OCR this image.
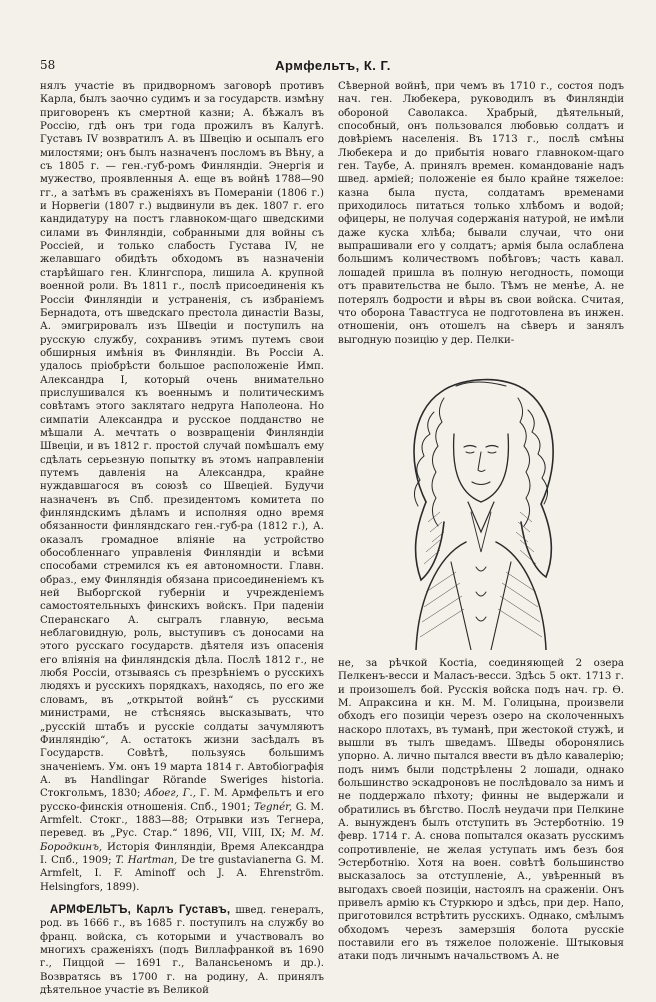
58	Армфельтъ, К. Г.

нялъ участіе въ придворномъ заговорѣ противъ Карла, былъ заочно судимъ и за государств. измѣну приговоренъ къ смертной казни; А. бѣжалъ въ Россію, гдѣ онъ три года прожилъ въ Калугѣ. Густавъ IV возвратилъ А. въ Швецію и осыпалъ его милостями; онъ былъ назначенъ посломъ въ Вѣну, а съ 1805 г. — ген.-губ-ромъ Финляндіи. Энергія и мужество, проявленныя А. еще въ войнѣ 1788—90 гг., а затѣмъ въ сраженіяхъ въ Помераніи (1806 г.) и Норвегіи (1807 г.) выдвинули въ дек. 1807 г. его кандидатуру на постъ главноком-щаго шведскими силами въ Финляндіи, собранными для войны съ Россіей, и только слабость Густава IV, не желавшаго обидѣть обходомъ въ назначеніи старѣйшаго ген. Клингспора, лишила А. крупной военной роли. Въ 1811 г., послѣ присоединенія къ Россіи Финляндіи и устраненія, съ избраніемъ Бернадота, отъ шведскаго престола династіи Вазы, А. эмигрировалъ изъ Швеціи и поступилъ на русскую службу, сохранивъ этимъ путемъ свои обширныя имѣнія въ Финляндіи. Въ Россіи А. удалось пріобрѣсти большое расположеніе Имп. Александра I, который очень внимательно прислушивался къ военнымъ и политическимъ совѣтамъ этого заклятаго недруга Наполеона. Но симпатіи Александра и русское подданство не мѣшали А. мечтать о возвращеніи Финляндіи Швеціи, и въ 1812 г. простой случай помѣшалъ ему сдѣлать серьезную попытку въ этомъ направленіи путемъ давленія на Александра, крайне нуждавшагося въ союзѣ со Швеціей. Будучи назначенъ въ Спб. президентомъ комитета по финляндскимъ дѣламъ и исполняя одно время обязанности финляндскаго ген.-губ-ра (1812 г.), А. оказалъ громадное вліяніе на устройство обособленнаго управленія Финляндіи и всѣми способами стремился къ ея автономности. Главн. образ., ему Финляндія обязана присоединеніемъ къ ней Выборгской губерніи и учрежденіемъ самостоятельныхъ финскихъ войскъ. При паденіи Сперанскаго А. сыгралъ главную, весьма неблаговидную, роль, выступивъ съ доносами на этого русскаго государств. дѣятеля изъ опасенія его вліянія на финляндскія дѣла. Послѣ 1812 г., не любя Россіи, отзываясь съ презрѣніемъ о русскихъ людяхъ и русскихъ порядкахъ, находясь, по его же словамъ, въ „открытой войнѣ“ съ русскими министрами, не стѣсняясь высказывать, что „русскій штабъ и русскіе солдаты зачумляютъ Финляндію“, А. остатокъ жизни засѣдалъ въ Государств. Совѣтѣ, пользуясь большимъ значеніемъ. Ум. онъ 19 марта 1814 г. Автобіографія А. въ Handlingar Rörande Sweriges historia. Стокгольмъ, 1830; Абоег, Г., Г. М. Армфельтъ и его русско-финскія отношенія. Спб., 1901; Tegnér, G. M. Armfelt. Стокг., 1883—88; Отрывки изъ Тегнера, перевед. въ „Рус. Стар.“ 1896, VII, VIII, IX; М. М. Бородкинъ, Исторія Финляндіи, Время Александра I. Спб., 1909; T. Hartman, De tre gustavianerna G. M. Armfelt, I. F. Aminoff och J. A. Ehrenström. Helsingfors, 1899).

АРМФЕЛЬТЪ, Карлъ Густавъ, швед. генералъ, род. въ 1666 г., въ 1685 г. поступилъ на службу во франц. войска, съ которыми и участвовалъ во многихъ сраженіяхъ (подъ Виллафранкой въ 1690 г., Пиццой — 1691 г., Валансьеномъ и др.). Возвратясь въ 1700 г. на родину, А. принялъ дѣятельное участіе въ Великой

Сѣверной войнѣ, при чемъ въ 1710 г., состоя подъ нач. ген. Любекера, руководилъ въ Финляндіи обороной Саволакса. Храбрый, дѣятельный, способный, онъ пользовался любовью солдатъ и довѣріемъ населенія. Въ 1713 г., послѣ смѣны Любекера и до прибытія новаго главноком-щаго ген. Таубе, А. принялъ времен. командованіе надъ швед. арміей; положеніе ея было крайне тяжелое: казна была пуста, солдатамъ временами приходилось питаться только хлѣбомъ и водой; офицеры, не получая содержанія натурой, не имѣли даже куска хлѣба; бывали случаи, что они выпрашивали его у солдатъ; армія была ослаблена большимъ количествомъ побѣговъ; часть кавал. лошадей пришла въ полную негодность, помощи отъ правительства не было. Тѣмъ не менѣе, А. не потерялъ бодрости и вѣры въ свои войска. Считая, что оборона Тавастгуса не подготовлена въ инжен. отношеніи, онъ отошелъ на сѣверъ и занялъ выгодную позицію у дер. Пелки-

не, за рѣчкой Костіа, соединяющей 2 озера Пелкенъ-весси и Малаcъ-весси. Здѣсь 5 окт. 1713 г. и произошелъ бой. Русскія войска подъ нач. гр. Ѳ. М. Апраксина и кн. М. М. Голицына, произвели обходъ его позиціи черезъ озеро на сколоченныхъ наскоро плотахъ, въ туманѣ, при жестокой стужѣ, и вышли въ тылъ шведамъ. Шведы оборонялись упорно. А. лично пытался ввести въ дѣло кавалерію; подъ нимъ были подстрѣлены 2 лошади, однако большинство эскадроновъ не послѣдовало за нимъ и не поддержало пѣхоту; финны не выдержали и обратились въ бѣгство. Послѣ неудачи при Пелкине А. вынужденъ былъ отступить въ Эстерботнію. 19 февр. 1714 г. А. снова попытался оказать русскимъ сопротивленіе, не желая уступать имъ безъ боя Эстерботнію. Хотя на воен. совѣтѣ большинство высказалось за отступленіе, А., увѣренный въ выгодахъ своей позиціи, настоялъ на сраженіи. Онъ привелъ армію къ Стуркюро и здѣсь, при дер. Напо, приготовился встрѣтить русскихъ. Однако, смѣлымъ обходомъ черезъ замерзшія болота русскіе поставили его въ тяжелое положеніе. Штыковыя атаки подъ личнымъ начальствомъ А. не
